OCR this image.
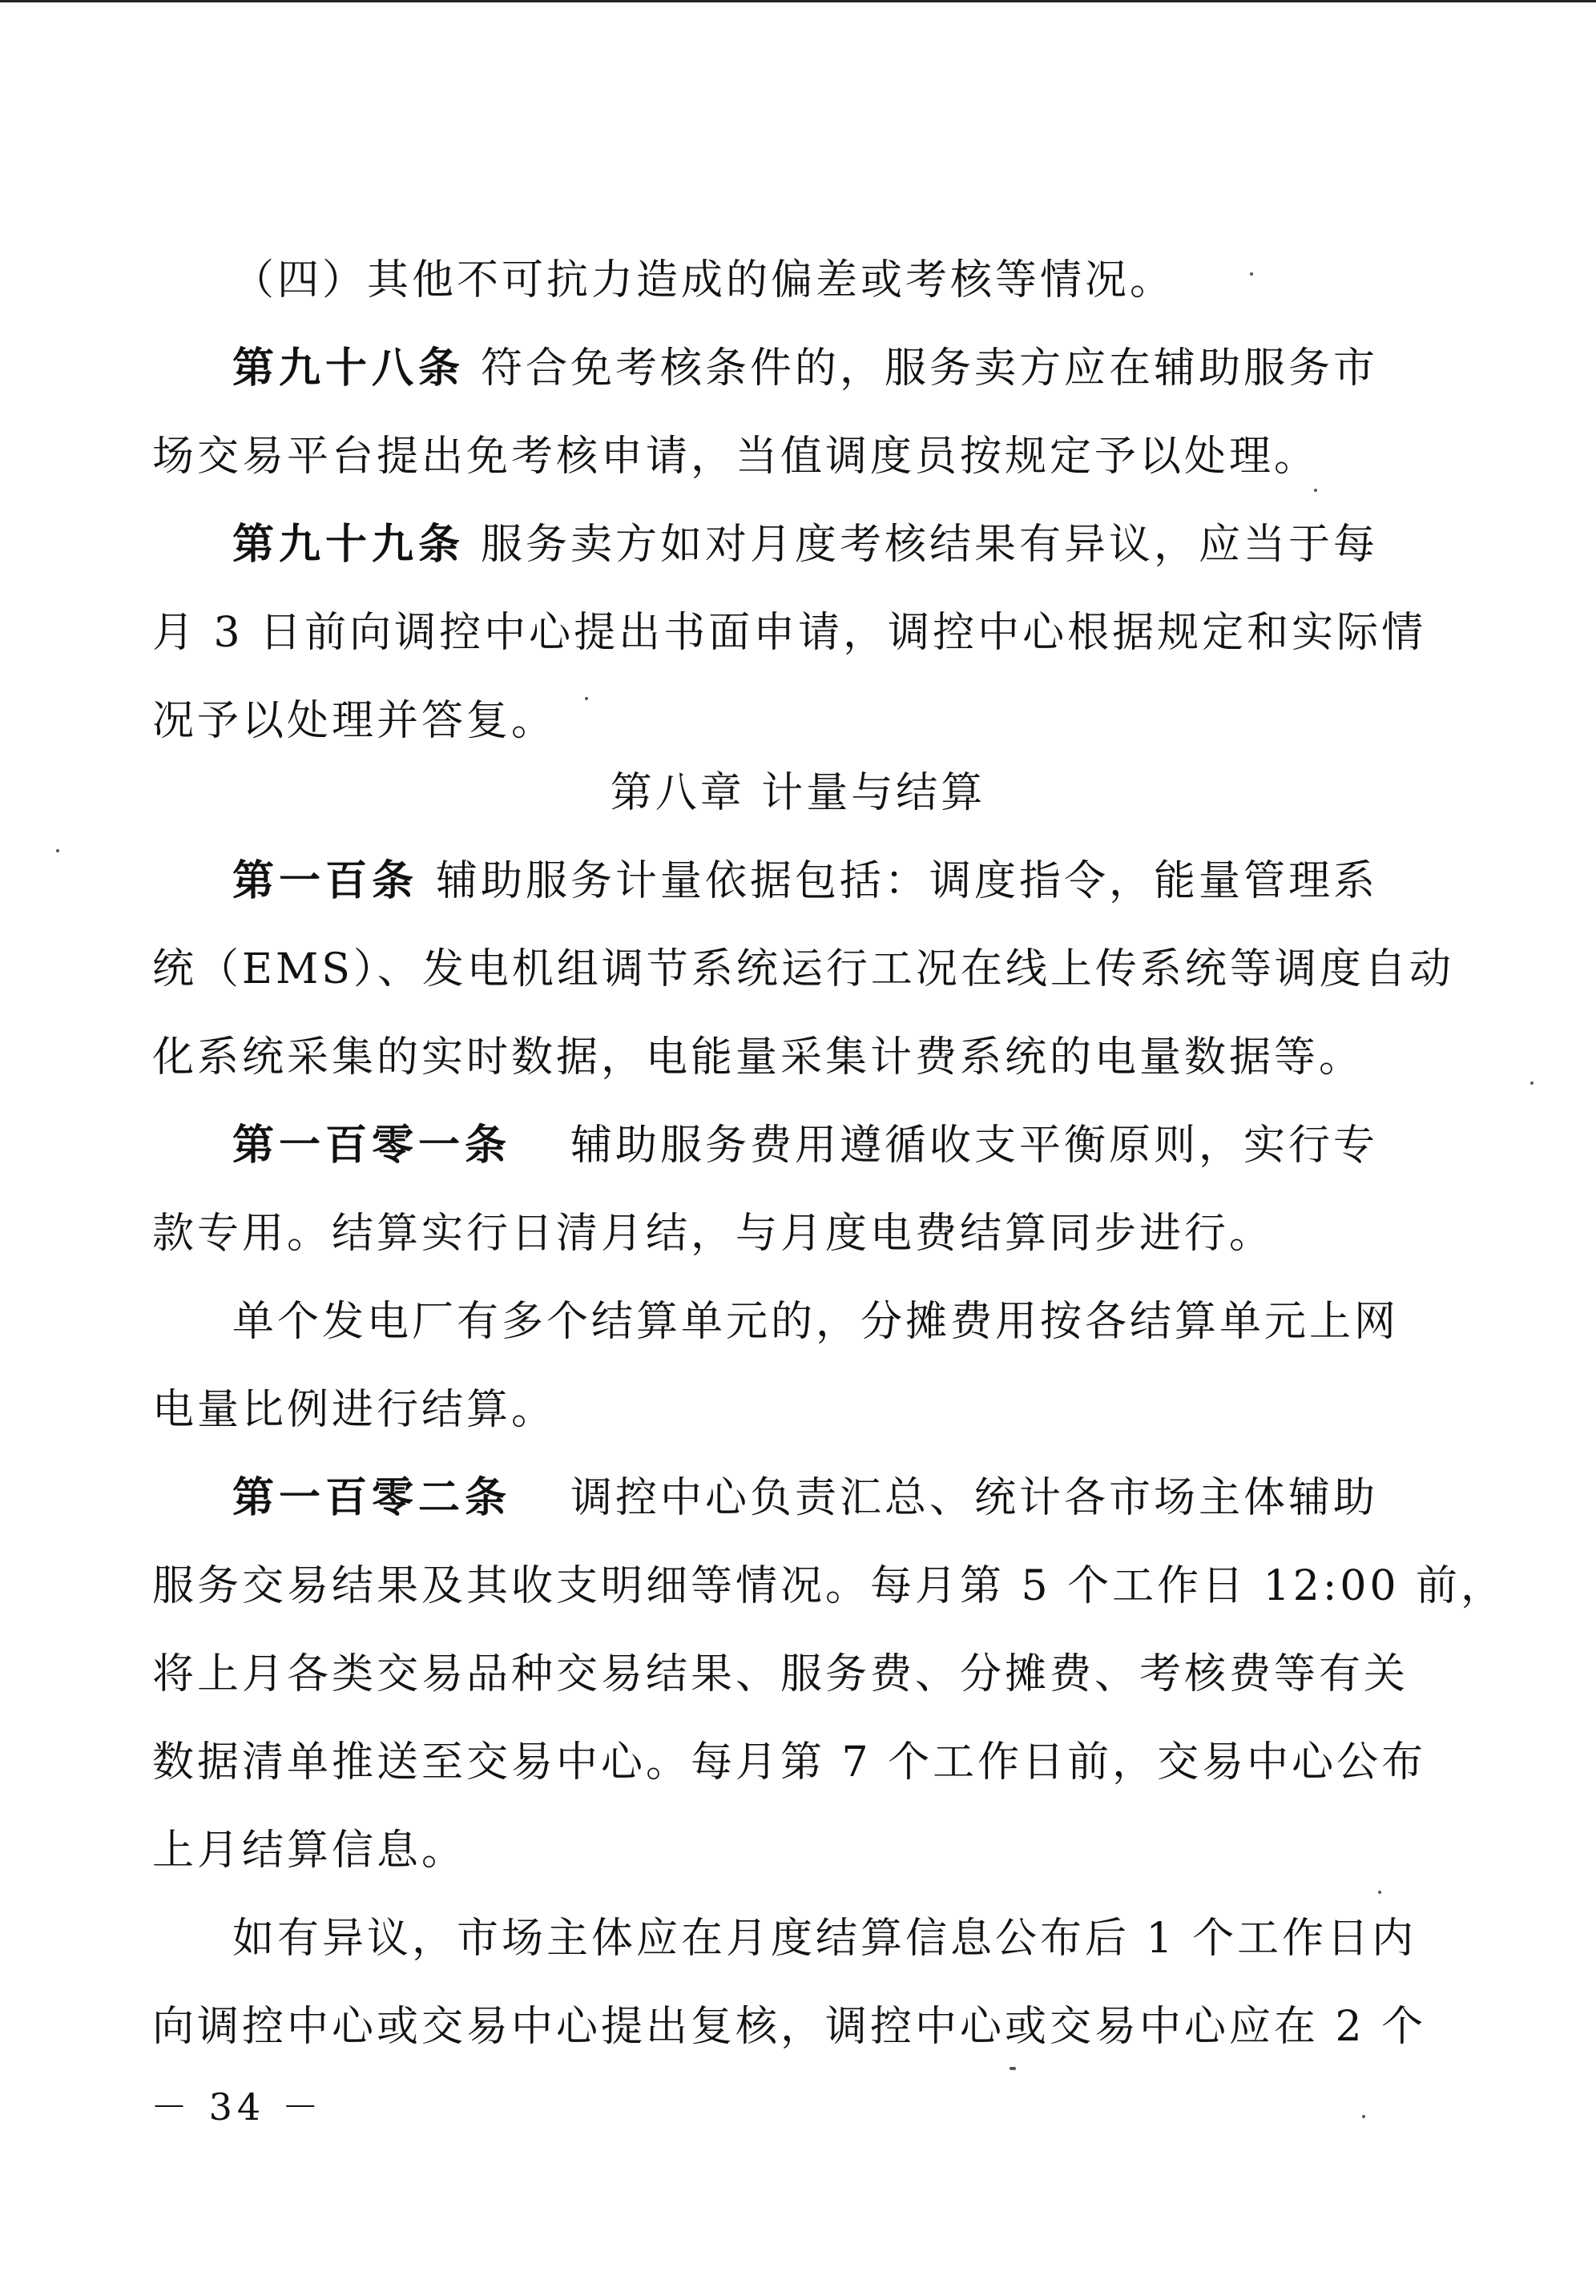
（四）其他不可抗力造成的偏差或考核等情况。
第九十八条 符合免考核条件的，服务卖方应在辅助服务市
场交易平台提出免考核申请，当值调度员按规定予以处理。
第九十九条 服务卖方如对月度考核结果有异议，应当于每
月 3 日前向调控中心提出书面申请，调控中心根据规定和实际情
况予以处理并答复。
第八章 计量与结算
第一百条 辅助服务计量依据包括：调度指令，能量管理系
统（EMS）、发电机组调节系统运行工况在线上传系统等调度自动
化系统采集的实时数据，电能量采集计费系统的电量数据等。
第一百零一条 辅助服务费用遵循收支平衡原则，实行专
款专用。结算实行日清月结，与月度电费结算同步进行。
单个发电厂有多个结算单元的，分摊费用按各结算单元上网
电量比例进行结算。
第一百零二条 调控中心负责汇总、统计各市场主体辅助
服务交易结果及其收支明细等情况。每月第 5 个工作日 12:00 前，
将上月各类交易品种交易结果、服务费、分摊费、考核费等有关
数据清单推送至交易中心。每月第 7 个工作日前，交易中心公布
上月结算信息。
如有异议，市场主体应在月度结算信息公布后 1 个工作日内
向调控中心或交易中心提出复核，调控中心或交易中心应在 2 个
－ 34 －
